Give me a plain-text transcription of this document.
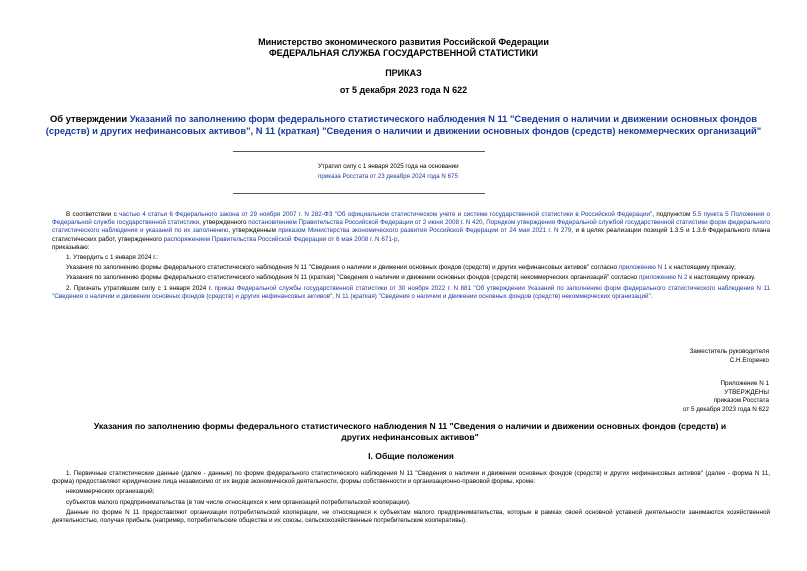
Министерство экономического развития Российской Федерации
ФЕДЕРАЛЬНАЯ СЛУЖБА ГОСУДАРСТВЕННОЙ СТАТИСТИКИ
ПРИКАЗ
от 5 декабря 2023 года N 622
Об утверждении Указаний по заполнению форм федерального статистического наблюдения N 11 "Сведения о наличии и движении основных фондов (средств) и других нефинансовых активов", N 11 (краткая) "Сведения о наличии и движении основных фондов (средств) некоммерческих организаций"
Утратил силу с 1 января 2025 года на основании
приказа Росстата от 23 декабря 2024 года N 675

В соответствии с частью 4 статьи 6 Федерального закона от 29 ноября 2007 г. N 282-ФЗ "Об официальном статистическом учете и системе государственной статистики в Российской Федерации", подпунктом 5.5 пункта 5 Положения о Федеральной службе государственной статистики, утвержденного постановлением Правительства Российской Федерации от 2 июня 2008 г. N 420, Порядком утверждения Федеральной службой государственной статистики форм федерального статистического наблюдения и указаний по их заполнению, утвержденным приказом Министерства экономического развития Российской Федерации от 24 мая 2021 г. N 279, и в целях реализации позиций 1.3.5 и 1.3.6 Федерального плана статистических работ, утвержденного распоряжением Правительства Российской Федерации от 6 мая 2008 г. N 671-р,

приказываю:

1. Утвердить с 1 января 2024 г.:

Указания по заполнению формы федерального статистического наблюдения N 11 "Сведения о наличии и движении основных фондов (средств) и других нефинансовых активов" согласно приложению N 1 к настоящему приказу;

Указания по заполнению формы федерального статистического наблюдения N 11 (краткая) "Сведения о наличии и движении основных фондов (средств) некоммерческих организаций" согласно приложению N 2 к настоящему приказу.

2. Признать утратившим силу с 1 января 2024 г. приказ Федеральной службы государственной статистики от 30 ноября 2022 г. N 881 "Об утверждении Указаний по заполнению форм федерального статистического наблюдения N 11 "Сведения о наличии и движении основных фондов (средств) и других нефинансовых активов", N 11 (краткая) "Сведения о наличии и движении основных фондов (средств) некоммерческих организаций".

Заместитель руководителя
С.Н.Егоренко
Приложение N 1
УТВЕРЖДЕНЫ
приказом Росстата
от 5 декабря 2023 года N 622
Указания по заполнению формы федерального статистического наблюдения N 11 "Сведения о наличии и движении основных фондов (средств) и других нефинансовых активов"
I. Общие положения

1. Первичные статистические данные (далее - данные) по форме федерального статистического наблюдения N 11 "Сведения о наличии и движении основных фондов (средств) и других нефинансовых активов" (далее - форма N 11, форма) предоставляют юридические лица независимо от их видов экономической деятельности, формы собственности и организационно-правовой формы, кроме:

некоммерческих организаций;

субъектов малого предпринимательства (в том числе относящихся к ним организаций потребительской кооперации).

Данные по форме N 11 предоставляют организации потребительской кооперации, не относящиеся к субъектам малого предпринимательства, которые в рамках своей основной уставной деятельности занимаются хозяйственной деятельностью, получая прибыль (например, потребительские общества и их союзы, сельскохозяйственные потребительские кооперативы).
